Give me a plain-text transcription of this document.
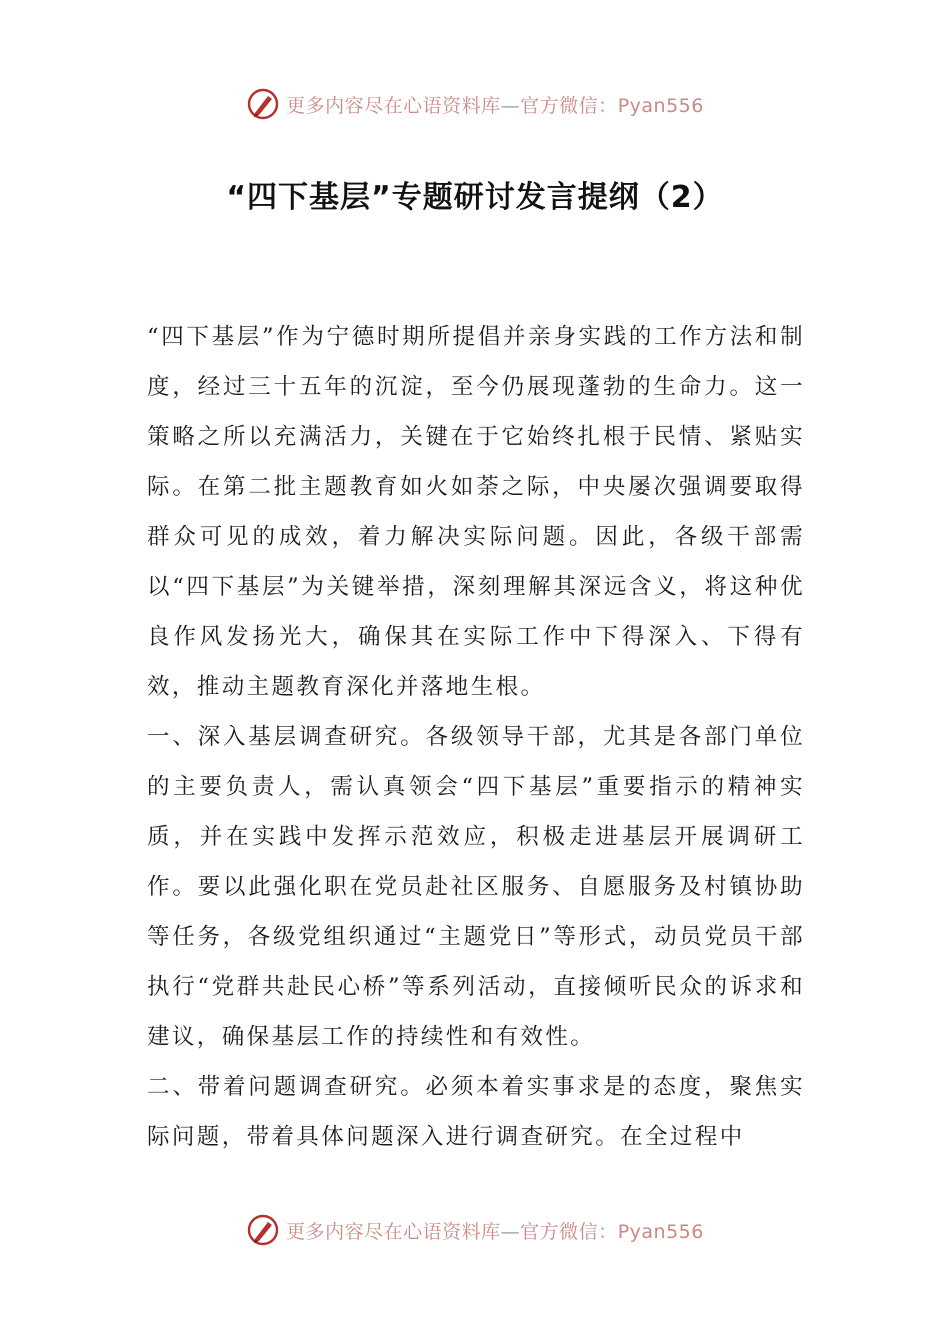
更多内容尽在心语资料库—官方微信：Pyan556
“四下基层”专题研讨发言提纲（2）

“四下基层”作为宁德时期所提倡并亲身实践的工作方法和制度，经过三十五年的沉淀，至今仍展现蓬勃的生命力。这一策略之所以充满活力，关键在于它始终扎根于民情、紧贴实际。在第二批主题教育如火如荼之际，中央屡次强调要取得群众可见的成效，着力解决实际问题。因此，各级干部需以“四下基层”为关键举措，深刻理解其深远含义，将这种优良作风发扬光大，确保其在实际工作中下得深入、下得有效，推动主题教育深化并落地生根。

一、深入基层调查研究。各级领导干部，尤其是各部门单位的主要负责人，需认真领会“四下基层”重要指示的精神实质，并在实践中发挥示范效应，积极走进基层开展调研工作。要以此强化职在党员赴社区服务、自愿服务及村镇协助等任务，各级党组织通过“主题党日”等形式，动员党员干部执行“党群共赴民心桥”等系列活动，直接倾听民众的诉求和建议，确保基层工作的持续性和有效性。

二、带着问题调查研究。必须本着实事求是的态度，聚焦实际问题，带着具体问题深入进行调查研究。在全过程中

更多内容尽在心语资料库—官方微信：Pyan556
